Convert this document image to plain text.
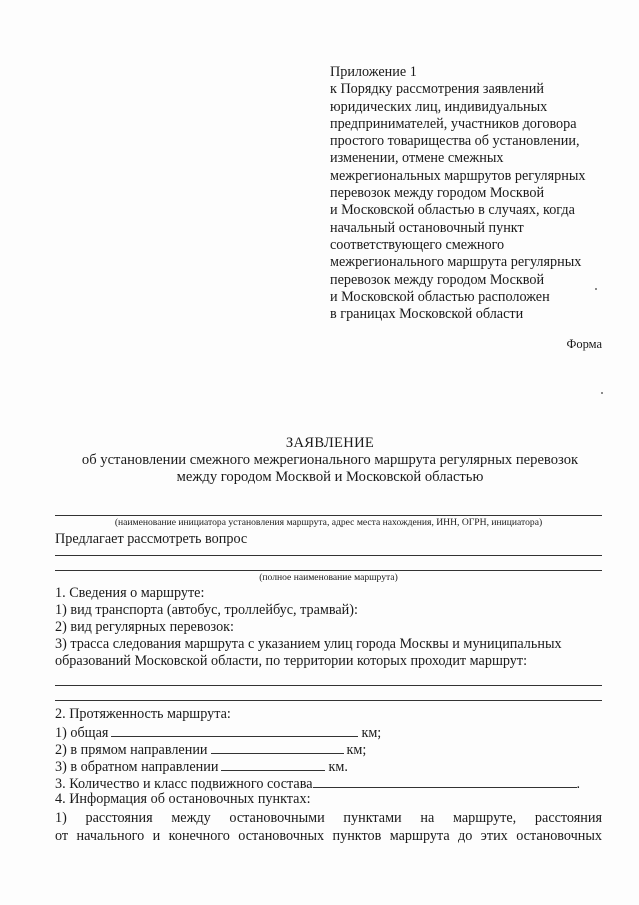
Приложение 1
к Порядку рассмотрения заявлений
юридических лиц, индивидуальных
предпринимателей, участников договора
простого товарищества об установлении,
изменении, отмене смежных
межрегиональных маршрутов регулярных
перевозок между городом Москвой
и Московской областью в случаях, когда
начальный остановочный пункт
соответствующего смежного
межрегионального маршрута регулярных
перевозок между городом Москвой
и Московской областью расположен
в границах Московской области
Форма
ЗАЯВЛЕНИЕ
об установлении смежного межрегионального маршрута регулярных перевозок
между городом Москвой и Московской областью
(наименование инициатора установления маршрута, адрес места нахождения, ИНН, ОГРН, инициатора)
Предлагает рассмотреть вопрос
(полное наименование маршрута)
1. Сведения о маршруте:
1) вид транспорта (автобус, троллейбус, трамвай):
2) вид регулярных перевозок:
3) трасса следования маршрута с указанием улиц города Москвы и муниципальных
образований Московской области, по территории которых проходит маршрут:
2. Протяженность маршрута:
1) общая	км;
2) в прямом направлении	км;
3) в обратном направлении	км.
3. Количество и класс подвижного состава	.
4. Информация об остановочных пунктах:
1) расстояния между остановочными пунктами на маршруте, расстояния
от начального и конечного остановочных пунктов маршрута до этих остановочных
